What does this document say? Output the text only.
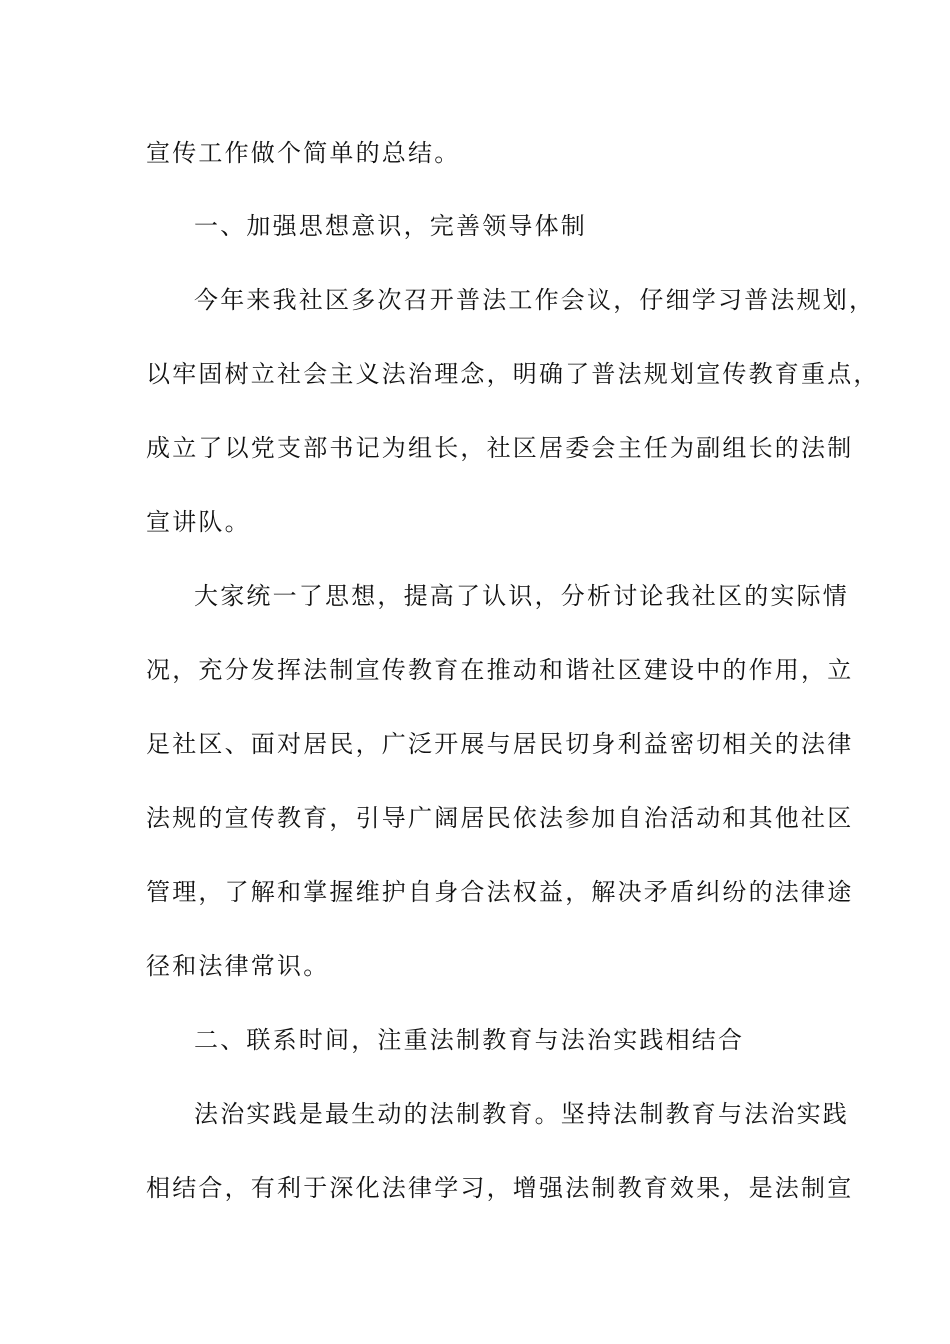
宣传工作做个简单的总结。
一、加强思想意识，完善领导体制
今年来我社区多次召开普法工作会议，仔细学习普法规划，
以牢固树立社会主义法治理念，明确了普法规划宣传教育重点，
成立了以党支部书记为组长，社区居委会主任为副组长的法制
宣讲队。
大家统一了思想，提高了认识，分析讨论我社区的实际情
况，充分发挥法制宣传教育在推动和谐社区建设中的作用，立
足社区、面对居民，广泛开展与居民切身利益密切相关的法律
法规的宣传教育，引导广阔居民依法参加自治活动和其他社区
管理，了解和掌握维护自身合法权益，解决矛盾纠纷的法律途
径和法律常识。
二、联系时间，注重法制教育与法治实践相结合
法治实践是最生动的法制教育。坚持法制教育与法治实践
相结合，有利于深化法律学习，增强法制教育效果，是法制宣
